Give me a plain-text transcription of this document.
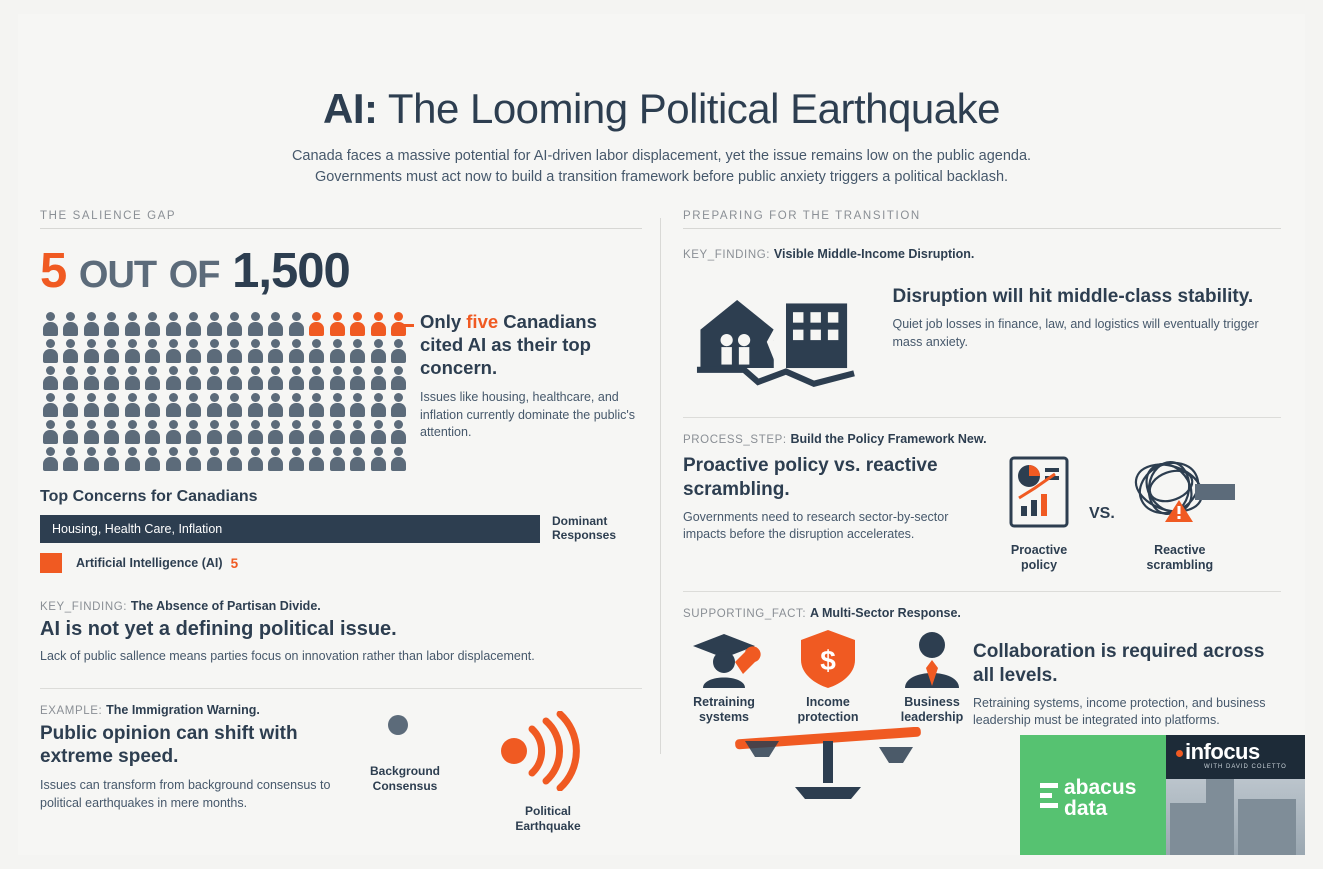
AI: The Looming Political Earthquake
Canada faces a massive potential for AI-driven labor displacement, yet the issue remains low on the public agenda.
Governments must act now to build a transition framework before public anxiety triggers a political backlash.
THE SALIENCE GAP
5 OUT OF 1,500
Only five Canadians cited AI as their top concern.

Issues like housing, healthcare, and inflation currently dominate the public's attention.

Top Concerns for Canadians
Housing, Health Care, Inflation
Dominant
Responses
Artificial Intelligence (AI) 5
KEY_FINDING: The Absence of Partisan Divide.
AI is not yet a defining political issue.

Lack of public sallence means parties focus on innovation rather than labor displacement.

EXAMPLE: The Immigration Warning.
Public opinion can shift with extreme speed.

Issues can transform from background consensus to political earthquakes in mere months.

Background
Consensus
Political
Earthquake
PREPARING FOR THE TRANSITION
KEY_FINDING: Visible Middle-Income Disruption.
Disruption will hit middle-class stability.

Quiet job losses in finance, law, and logistics will eventually trigger mass anxiety.

PROCESS_STEP: Build the Policy Framework New.
Proactive policy vs. reactive scrambling.

Governments need to research sector-by-sector impacts before the disruption accelerates.

Proactive
policy
VS.
Reactive
scrambling
SUPPORTING_FACT: A Multi-Sector Response.
Retraining
systems
$
Income
protection
Business
leadership
Collaboration is required across all levels.

Retraining systems, income protection, and business leadership must be integrated into platforms.

abacus
data
infocus
WITH DAVID COLETTO
